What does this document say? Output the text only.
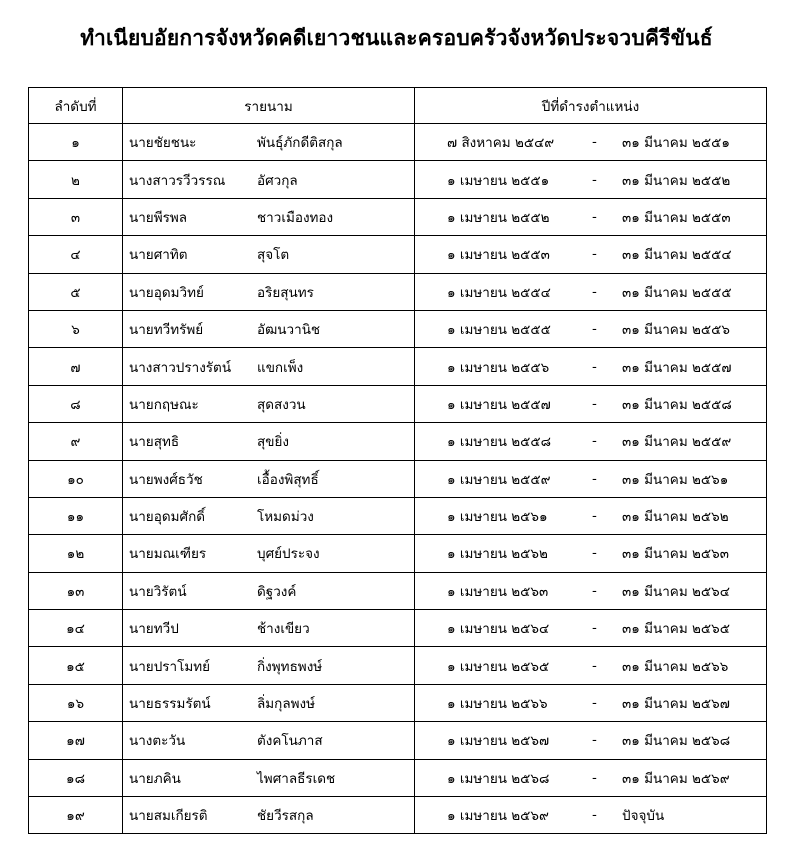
ทำเนียบอัยการจังหวัดคดีเยาวชนและครอบครัวจังหวัดประจวบคีรีขันธ์
ลำดับที่	รายนาม	ปีที่ดำรงตำแหน่ง
๑	นายชัยชนะ พันธุ์ภักดีติสกุล	๗ สิงหาคม ๒๕๔๙ - ๓๑ มีนาคม ๒๕๕๑

๒	นางสาวรวีวรรณ อัศวกุล	๑ เมษายน ๒๕๕๑ - ๓๑ มีนาคม ๒๕๕๒

๓	นายพีรพล ชาวเมืองทอง	๑ เมษายน ๒๕๕๒ - ๓๑ มีนาคม ๒๕๕๓

๔	นายศาทิต สุจโต	๑ เมษายน ๒๕๕๓ - ๓๑ มีนาคม ๒๕๕๔

๕	นายอุดมวิทย์ อริยสุนทร	๑ เมษายน ๒๕๕๔ - ๓๑ มีนาคม ๒๕๕๕

๖	นายทวีทรัพย์ อัฒนวานิช	๑ เมษายน ๒๕๕๕ - ๓๑ มีนาคม ๒๕๕๖

๗	นางสาวปรางรัตน์ แขกเพ็ง	๑ เมษายน ๒๕๕๖ - ๓๑ มีนาคม ๒๕๕๗

๘	นายกฤษณะ สุดสงวน	๑ เมษายน ๒๕๕๗ - ๓๑ มีนาคม ๒๕๕๘

๙	นายสุทธิ สุขยิ่ง	๑ เมษายน ๒๕๕๘ - ๓๑ มีนาคม ๒๕๕๙

๑๐	นายพงศ์ธวัช เอื้องพิสุทธิ์	๑ เมษายน ๒๕๕๙ - ๓๑ มีนาคม ๒๕๖๑

๑๑	นายอุดมศักดิ์ โหมดม่วง	๑ เมษายน ๒๕๖๑ - ๓๑ มีนาคม ๒๕๖๒

๑๒	นายมณเฑียร บุศย์ประจง	๑ เมษายน ๒๕๖๒ - ๓๑ มีนาคม ๒๕๖๓

๑๓	นายวิรัตน์ ดิฐวงค์	๑ เมษายน ๒๕๖๓ - ๓๑ มีนาคม ๒๕๖๔

๑๔	นายทวีป ช้างเขียว	๑ เมษายน ๒๕๖๔ - ๓๑ มีนาคม ๒๕๖๕

๑๕	นายปราโมทย์ กิ่งพุทธพงษ์	๑ เมษายน ๒๕๖๕ - ๓๑ มีนาคม ๒๕๖๖

๑๖	นายธรรมรัตน์ ลิ่มกุลพงษ์	๑ เมษายน ๒๕๖๖ - ๓๑ มีนาคม ๒๕๖๗

๑๗	นางตะวัน ตังคโนภาส	๑ เมษายน ๒๕๖๗ - ๓๑ มีนาคม ๒๕๖๘

๑๘	นายภคิน ไพศาลธีรเดช	๑ เมษายน ๒๕๖๘ - ๓๑ มีนาคม ๒๕๖๙

๑๙	นายสมเกียรติ ชัยวีรสกุล	๑ เมษายน ๒๕๖๙ - ปัจจุบัน
